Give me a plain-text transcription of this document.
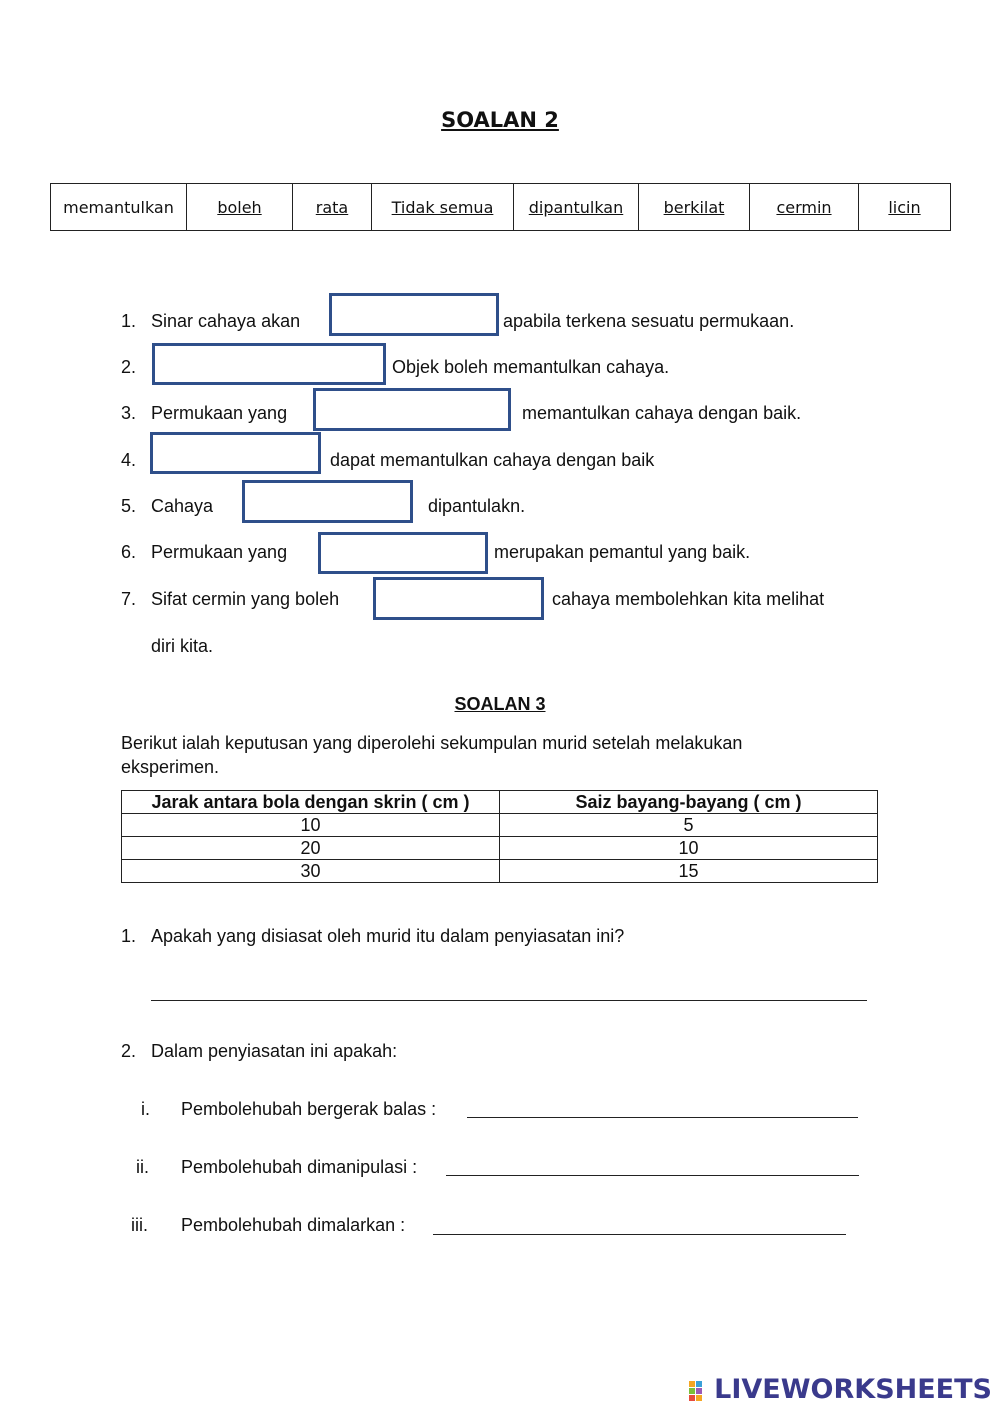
SOALAN 2
memantulkan	boleh	rata	Tidak semua	dipantulkan	berkilat	cermin	licin
1. Sinar cahaya akan	apabila terkena sesuatu permukaan.
2.	Objek boleh memantulkan cahaya.
3. Permukaan yang	memantulkan cahaya dengan baik.
4.	dapat memantulkan cahaya dengan baik
5. Cahaya	dipantulakn.
6. Permukaan yang	merupakan pemantul yang baik.
7. Sifat cermin yang boleh	cahaya membolehkan kita melihat
diri kita.
SOALAN 3
Berikut ialah keputusan yang diperolehi sekumpulan murid setelah melakukan eksperimen.
Jarak antara bola dengan skrin ( cm )	Saiz bayang-bayang ( cm )
10	5
20	10
30	15
1. Apakah yang disiasat oleh murid itu dalam penyiasatan ini?
2. Dalam penyiasatan ini apakah:
i. Pembolehubah bergerak balas :
ii. Pembolehubah dimanipulasi :
iii. Pembolehubah dimalarkan :
LIVEWORKSHEETS
